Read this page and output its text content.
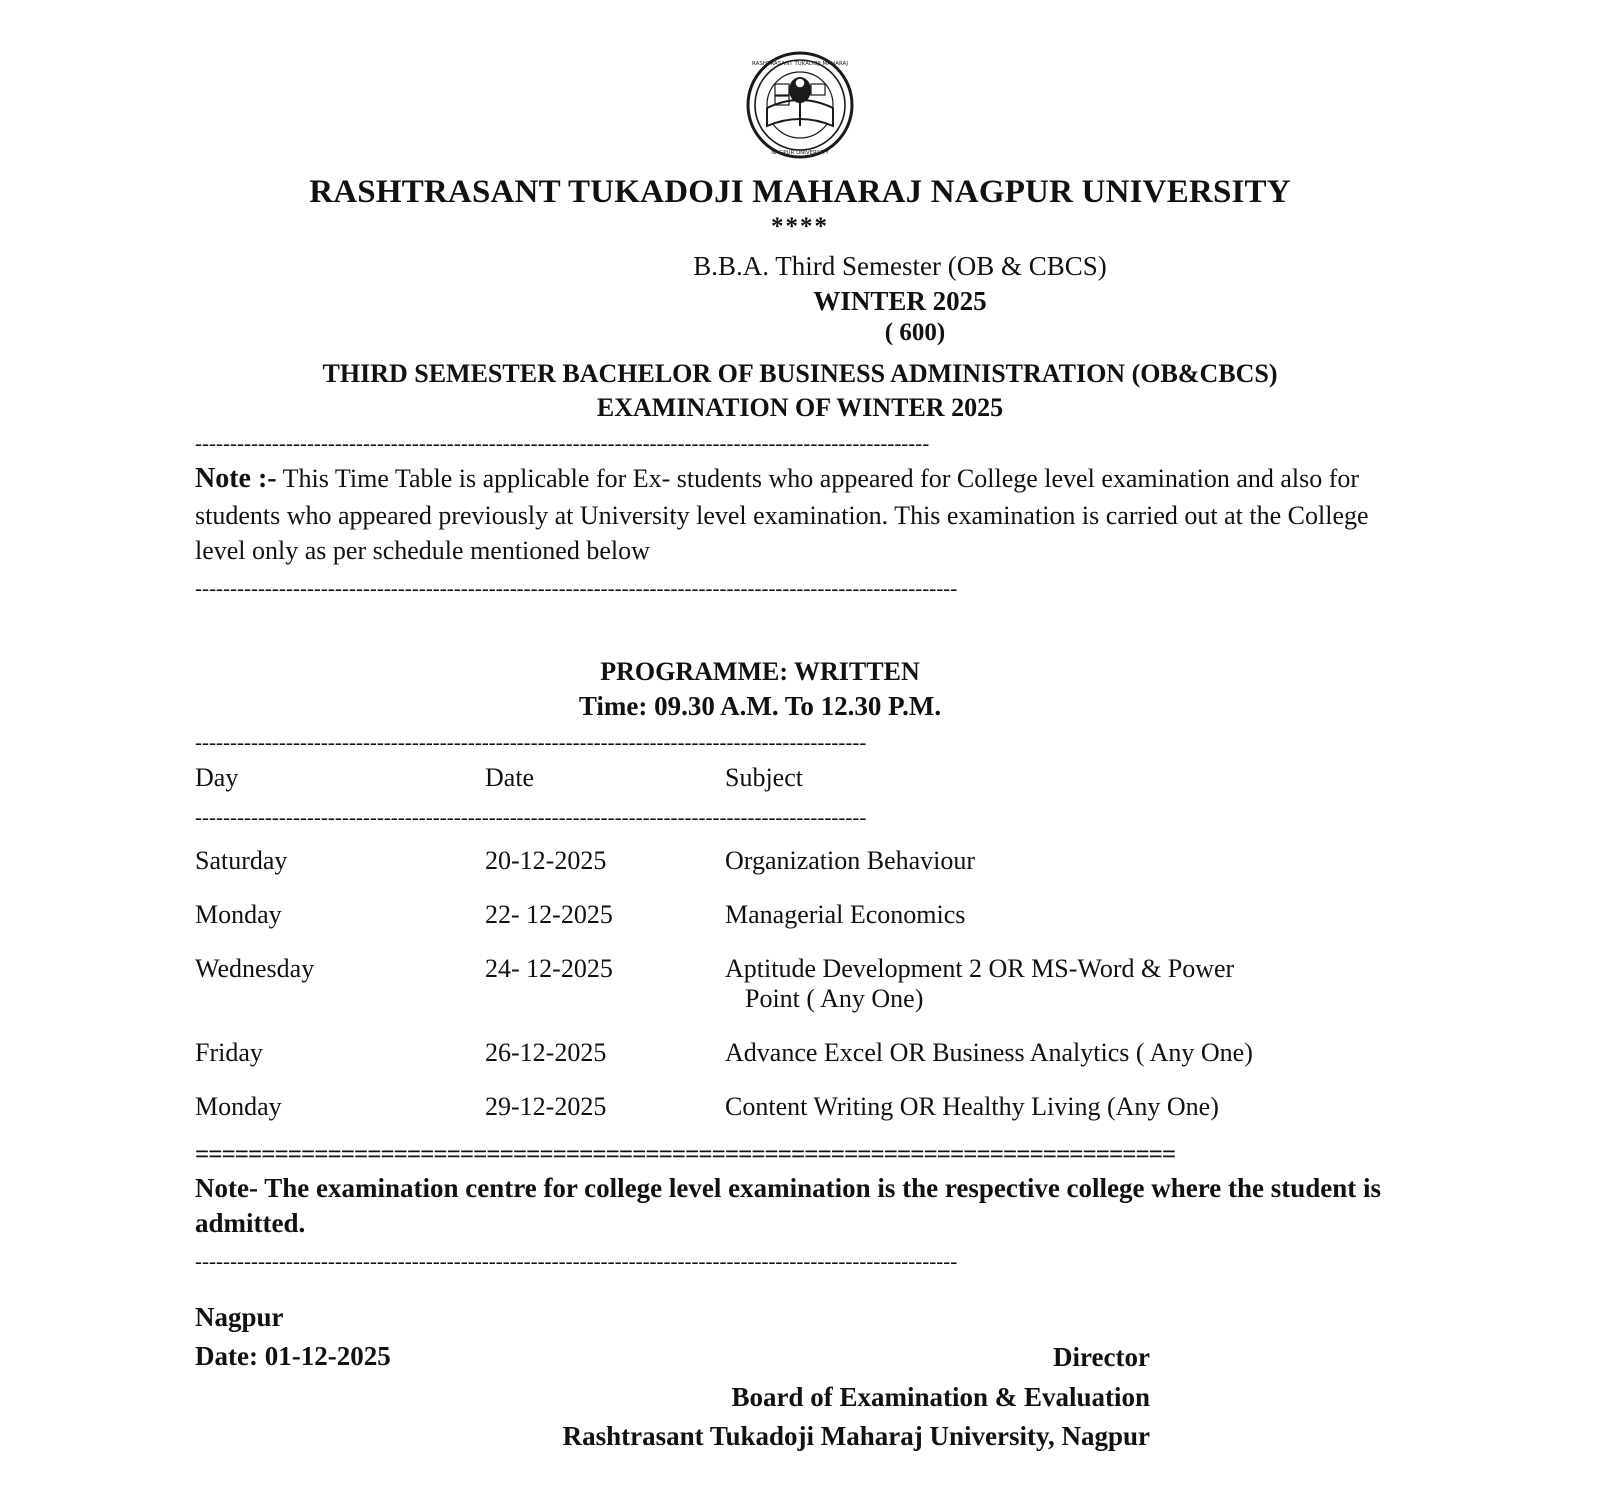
RASHTRASANT TUKADOJI MAHARAJ
NAGPUR UNIVERSITY
RASHTRASANT TUKADOJI MAHARAJ NAGPUR UNIVERSITY
****
B.B.A. Third Semester (OB & CBCS)
WINTER 2025
( 600)
THIRD SEMESTER BACHELOR OF BUSINESS ADMINISTRATION (OB&CBCS)
EXAMINATION OF WINTER 2025
---------------------------------------------------------------------------------------------------------
Note :- This Time Table is applicable for Ex- students who appeared for College level examination and also for students who appeared previously at University level examination. This examination is carried out at the College level only as per schedule mentioned below
-------------------------------------------------------------------------------------------------------------
PROGRAMME: WRITTEN
Time: 09.30 A.M. To 12.30 P.M.
------------------------------------------------------------------------------------------------
Day	Date	Subject
------------------------------------------------------------------------------------------------
Saturday	20-12-2025	Organization Behaviour
Monday	22- 12-2025	Managerial Economics
Wednesday	24- 12-2025	Aptitude Development 2 OR MS-Word & Power
Point ( Any One)

Friday	26-12-2025	Advance Excel OR Business Analytics ( Any One)
Monday	29-12-2025	Content Writing OR Healthy Living (Any One)
==========================================================================
Note- The examination centre for college level examination is the respective college where the student is admitted.
-------------------------------------------------------------------------------------------------------------
Nagpur
Date: 01-12-2025	Director
Board of Examination & Evaluation
Rashtrasant Tukadoji Maharaj University, Nagpur
